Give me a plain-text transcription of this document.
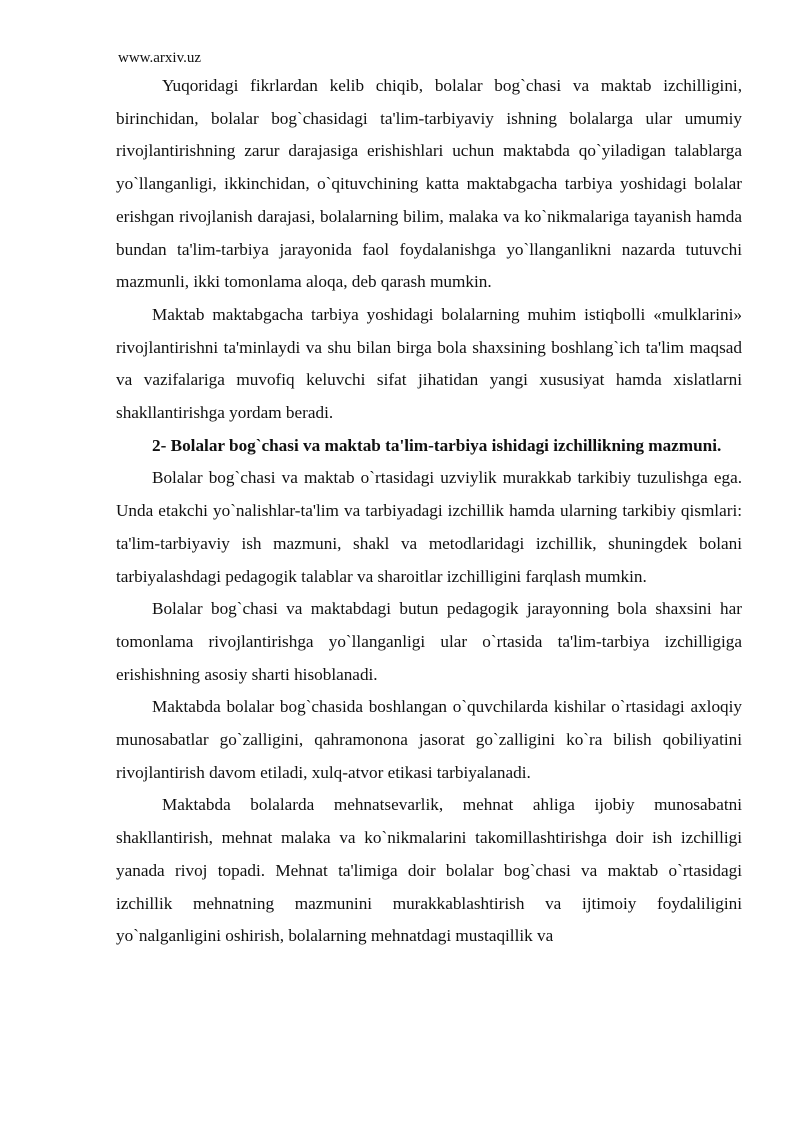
www.arxiv.uz

Yuqoridagi fikrlardan kelib chiqib, bolalar bog`chasi va maktab izchilligini, birinchidan, bolalar bog`chasidagi ta'lim-tarbiyaviy ishning bolalarga ular umumiy rivojlantirishning zarur darajasiga erishishlari uchun maktabda qo`yiladigan talablarga yo`llanganligi, ikkinchidan, o`qituvchining katta maktabgacha tarbiya yoshidagi bolalar erishgan rivojlanish darajasi, bolalarning bilim, malaka va ko`nikmalariga tayanish hamda bundan ta'lim-tarbiya jarayonida faol foydalanishga yo`llanganlikni nazarda tutuvchi mazmunli, ikki tomonlama aloqa, deb qarash mumkin.

Maktab maktabgacha tarbiya yoshidagi bolalarning muhim istiqbolli «mulklarini» rivojlantirishni ta'minlaydi va shu bilan birga bola shaxsining boshlang`ich ta'lim maqsad va vazifalariga muvofiq keluvchi sifat jihatidan yangi xususiyat hamda xislatlarni shakllantirishga yordam beradi.

2- Bolalar bog`chasi va maktab ta'lim-tarbiya ishidagi izchillikning mazmuni.

Bolalar bog`chasi va maktab o`rtasidagi uzviylik murakkab tarkibiy tuzulishga ega. Unda etakchi yo`nalishlar-ta'lim va tarbiyadagi izchillik hamda ularning tarkibiy qismlari: ta'lim-tarbiyaviy ish mazmuni, shakl va metodlaridagi izchillik, shuningdek bolani tarbiyalashdagi pedagogik talablar va sharoitlar izchilligini farqlash mumkin.

Bolalar bog`chasi va maktabdagi butun pedagogik jarayonning bola shaxsini har tomonlama rivojlantirishga yo`llanganligi ular o`rtasida ta'lim-tarbiya izchilligiga erishishning asosiy sharti hisoblanadi.

Maktabda bolalar bog`chasida boshlangan o`quvchilarda kishilar o`rtasidagi axloqiy munosabatlar go`zalligini, qahramonona jasorat go`zalligini ko`ra bilish qobiliyatini rivojlantirish davom etiladi, xulq-atvor etikasi tarbiyalanadi.

Maktabda bolalarda mehnatsevarlik, mehnat ahliga ijobiy munosabatni shakllantirish, mehnat malaka va ko`nikmalarini takomillashtirishga doir ish izchilligi yanada rivoj topadi. Mehnat ta'limiga doir bolalar bog`chasi va maktab o`rtasidagi izchillik mehnatning mazmunini murakkablashtirish va ijtimoiy foydaliligini yo`nalganligini oshirish, bolalarning mehnatdagi mustaqillik va
